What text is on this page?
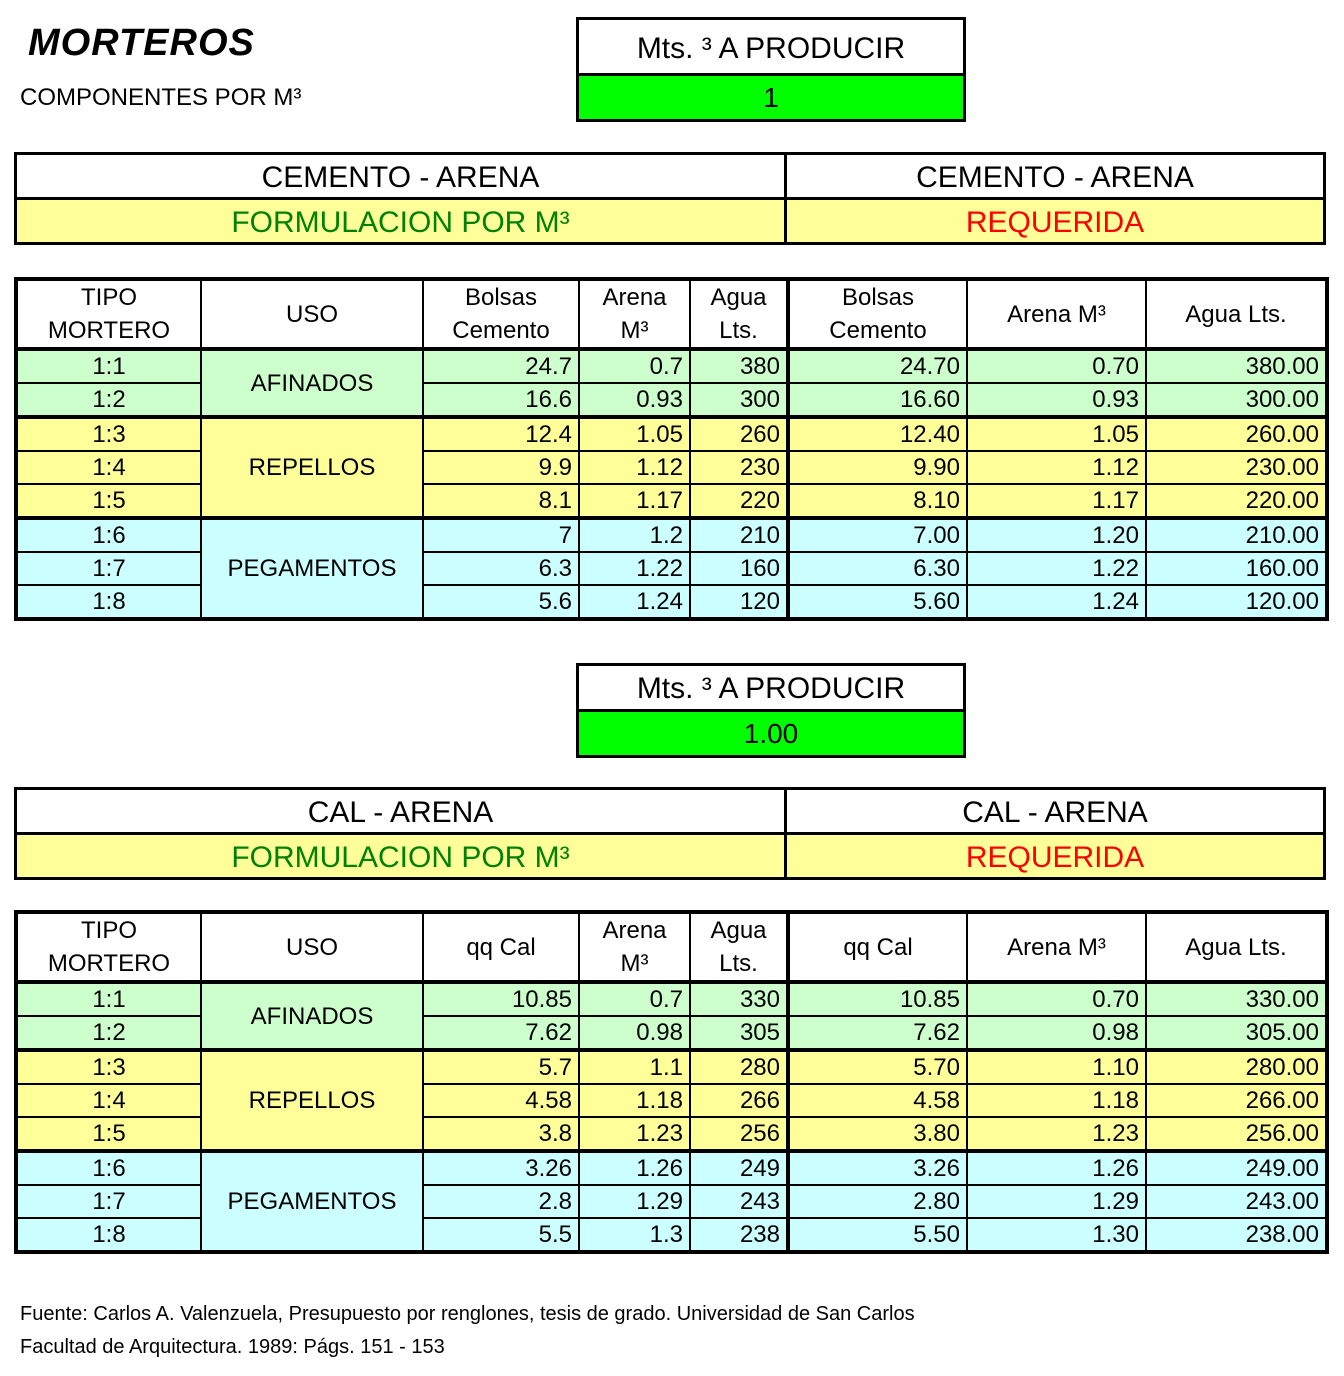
MORTEROS
COMPONENTES POR M³
Mts. ³ A PRODUCIR
1
CEMENTO - ARENA	CEMENTO - ARENA
FORMULACION POR M³	REQUERIDA
TIPO MORTERO	USO	Bolsas Cemento	Arena M³	Agua Lts.	Bolsas Cemento	Arena M³	Agua Lts.
1:1	AFINADOS	24.7	0.7	380	24.70	0.70	380.00
1:2		16.6	0.93	300	16.60	0.93	300.00
1:3	REPELLOS	12.4	1.05	260	12.40	1.05	260.00
1:4		9.9	1.12	230	9.90	1.12	230.00
1:5		8.1	1.17	220	8.10	1.17	220.00
1:6	PEGAMENTOS	7	1.2	210	7.00	1.20	210.00
1:7		6.3	1.22	160	6.30	1.22	160.00
1:8		5.6	1.24	120	5.60	1.24	120.00
Mts. ³ A PRODUCIR
1.00
CAL - ARENA	CAL - ARENA
FORMULACION POR M³	REQUERIDA
TIPO MORTERO	USO	qq Cal	Arena M³	Agua Lts.	qq Cal	Arena M³	Agua Lts.
1:1	AFINADOS	10.85	0.7	330	10.85	0.70	330.00
1:2		7.62	0.98	305	7.62	0.98	305.00
1:3	REPELLOS	5.7	1.1	280	5.70	1.10	280.00
1:4		4.58	1.18	266	4.58	1.18	266.00
1:5		3.8	1.23	256	3.80	1.23	256.00
1:6	PEGAMENTOS	3.26	1.26	249	3.26	1.26	249.00
1:7		2.8	1.29	243	2.80	1.29	243.00
1:8		5.5	1.3	238	5.50	1.30	238.00
Fuente: Carlos A. Valenzuela, Presupuesto por renglones, tesis de grado. Universidad de San Carlos
Facultad de Arquitectura. 1989: Págs. 151 - 153
